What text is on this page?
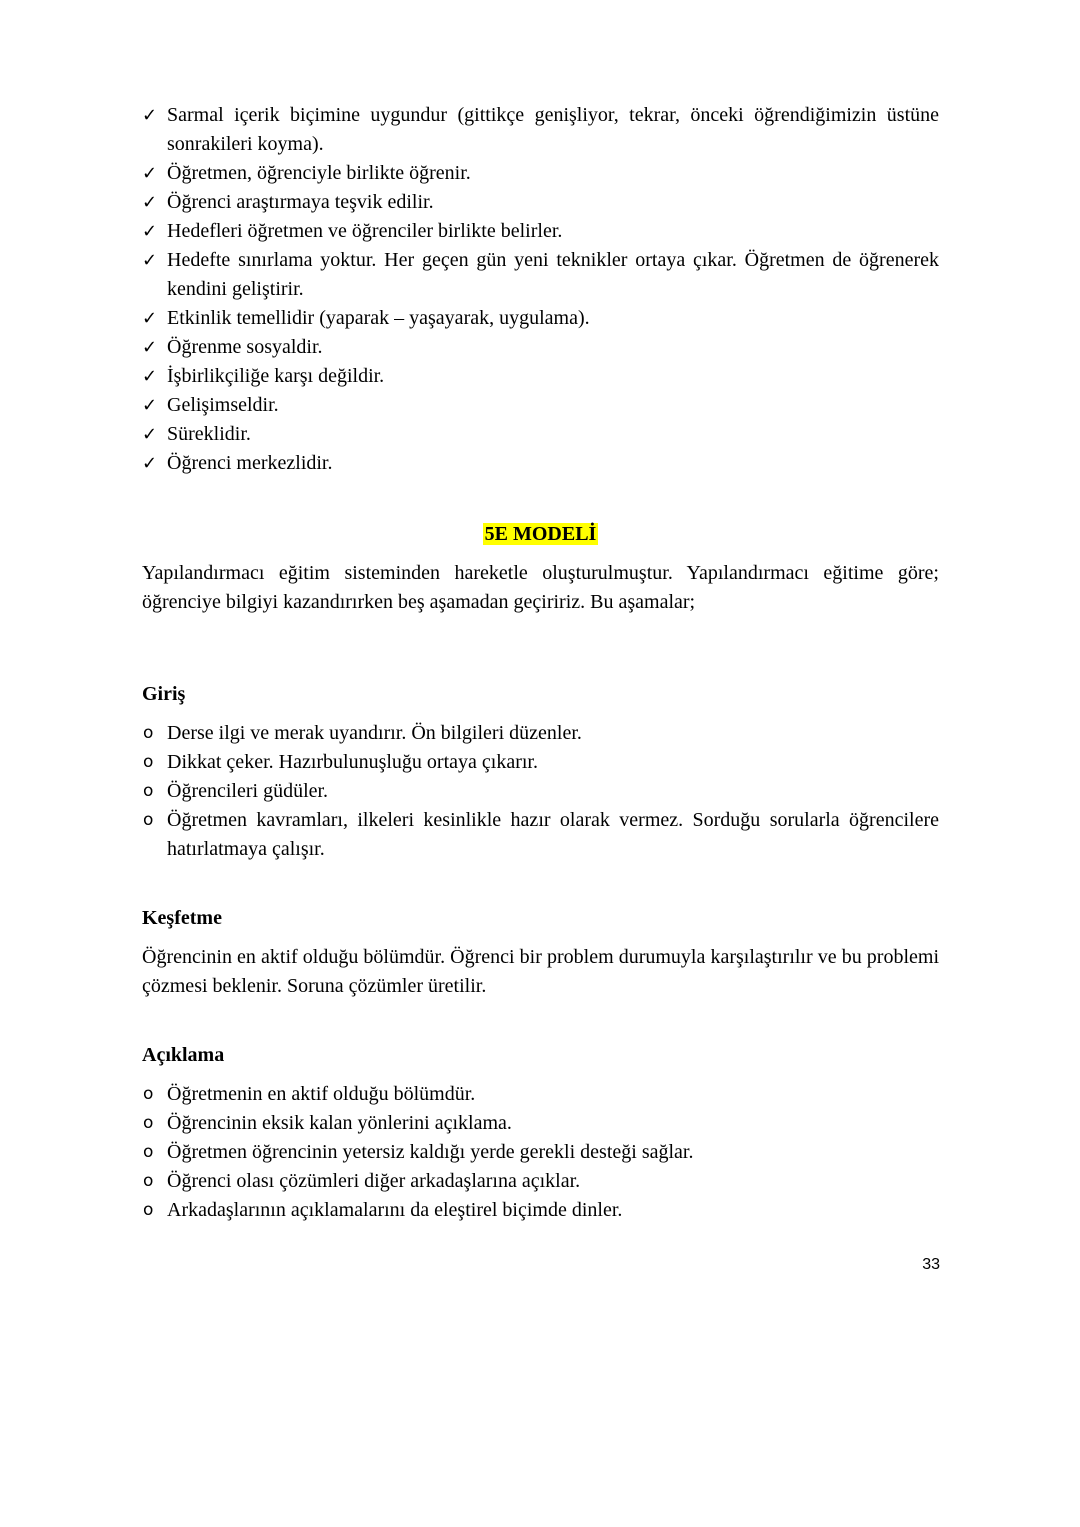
✓ Sarmal içerik biçimine uygundur (gittikçe genişliyor, tekrar, önceki öğrendiğimizin üstüne sonrakileri koyma).
✓ Öğretmen, öğrenciyle birlikte öğrenir.
✓ Öğrenci araştırmaya teşvik edilir.
✓ Hedefleri öğretmen ve öğrenciler birlikte belirler.
✓ Hedefte sınırlama yoktur. Her geçen gün yeni teknikler ortaya çıkar. Öğretmen de öğrenerek kendini geliştirir.
✓ Etkinlik temellidir (yaparak – yaşayarak, uygulama).
✓ Öğrenme sosyaldir.
✓ İşbirlikçiliğe karşı değildir.
✓ Gelişimseldir.
✓ Süreklidir.
✓ Öğrenci merkezlidir.
5E MODELİ

Yapılandırmacı eğitim sisteminden hareketle oluşturulmuştur. Yapılandırmacı eğitime göre; öğrenciye bilgiyi kazandırırken beş aşamadan geçiririz. Bu aşamalar;

Giriş

o Derse ilgi ve merak uyandırır. Ön bilgileri düzenler.
o Dikkat çeker. Hazırbulunuşluğu ortaya çıkarır.
o Öğrencileri güdüler.
o Öğretmen kavramları, ilkeleri kesinlikle hazır olarak vermez. Sorduğu sorularla öğrencilere hatırlatmaya çalışır.

Keşfetme

Öğrencinin en aktif olduğu bölümdür. Öğrenci bir problem durumuyla karşılaştırılır ve bu problemi çözmesi beklenir. Soruna çözümler üretilir.

Açıklama

o Öğretmenin en aktif olduğu bölümdür.
o Öğrencinin eksik kalan yönlerini açıklama.
o Öğretmen öğrencinin yetersiz kaldığı yerde gerekli desteği sağlar.
o Öğrenci olası çözümleri diğer arkadaşlarına açıklar.
o Arkadaşlarının açıklamalarını da eleştirel biçimde dinler.
33
